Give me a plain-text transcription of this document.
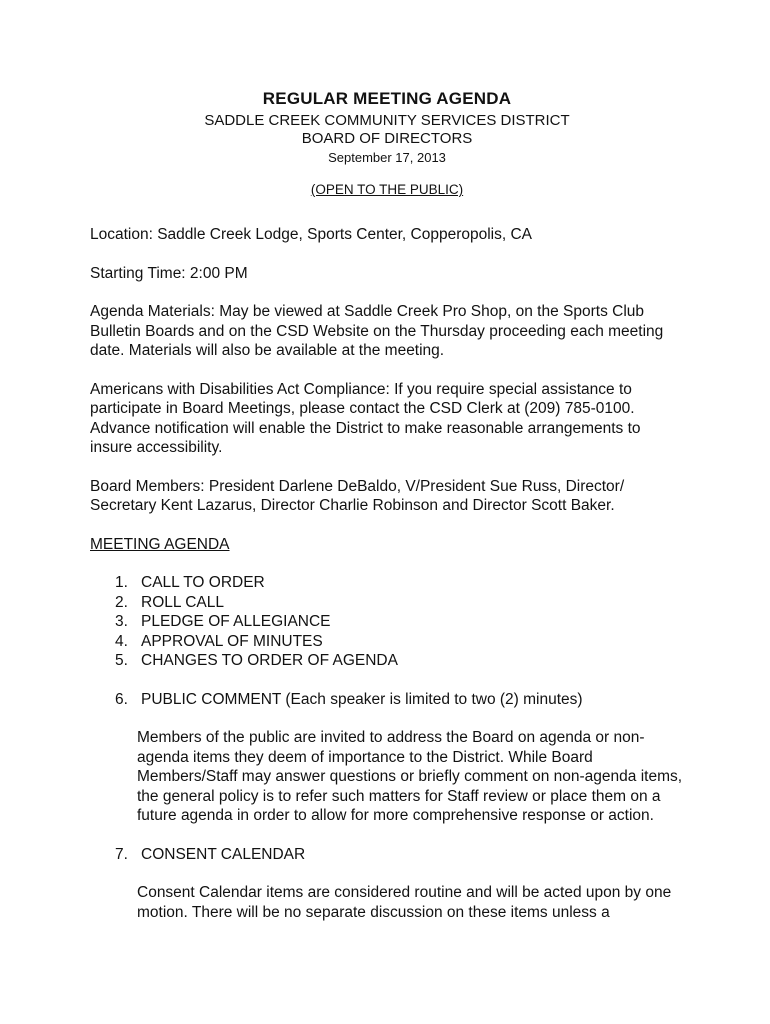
REGULAR MEETING AGENDA
SADDLE CREEK COMMUNITY SERVICES DISTRICT
BOARD OF DIRECTORS
September 17, 2013
(OPEN TO THE PUBLIC)

Location: Saddle Creek Lodge, Sports Center, Copperopolis, CA

Starting Time: 2:00 PM

Agenda Materials: May be viewed at Saddle Creek Pro Shop, on the Sports Club Bulletin Boards and on the CSD Website on the Thursday proceeding each meeting date. Materials will also be available at the meeting.

Americans with Disabilities Act Compliance: If you require special assistance to participate in Board Meetings, please contact the CSD Clerk at (209) 785-0100. Advance notification will enable the District to make reasonable arrangements to insure accessibility.

Board Members: President Darlene DeBaldo, V/President Sue Russ, Director/ Secretary Kent Lazarus, Director Charlie Robinson and Director Scott Baker.

MEETING AGENDA

1. CALL TO ORDER
2. ROLL CALL
3. PLEDGE OF ALLEGIANCE
4. APPROVAL OF MINUTES
5. CHANGES TO ORDER OF AGENDA
6. PUBLIC COMMENT (Each speaker is limited to two (2) minutes)

Members of the public are invited to address the Board on agenda or non-agenda items they deem of importance to the District. While Board Members/Staff may answer questions or briefly comment on non-agenda items, the general policy is to refer such matters for Staff review or place them on a future agenda in order to allow for more comprehensive response or action.

7. CONSENT CALENDAR

Consent Calendar items are considered routine and will be acted upon by one motion. There will be no separate discussion on these items unless a
